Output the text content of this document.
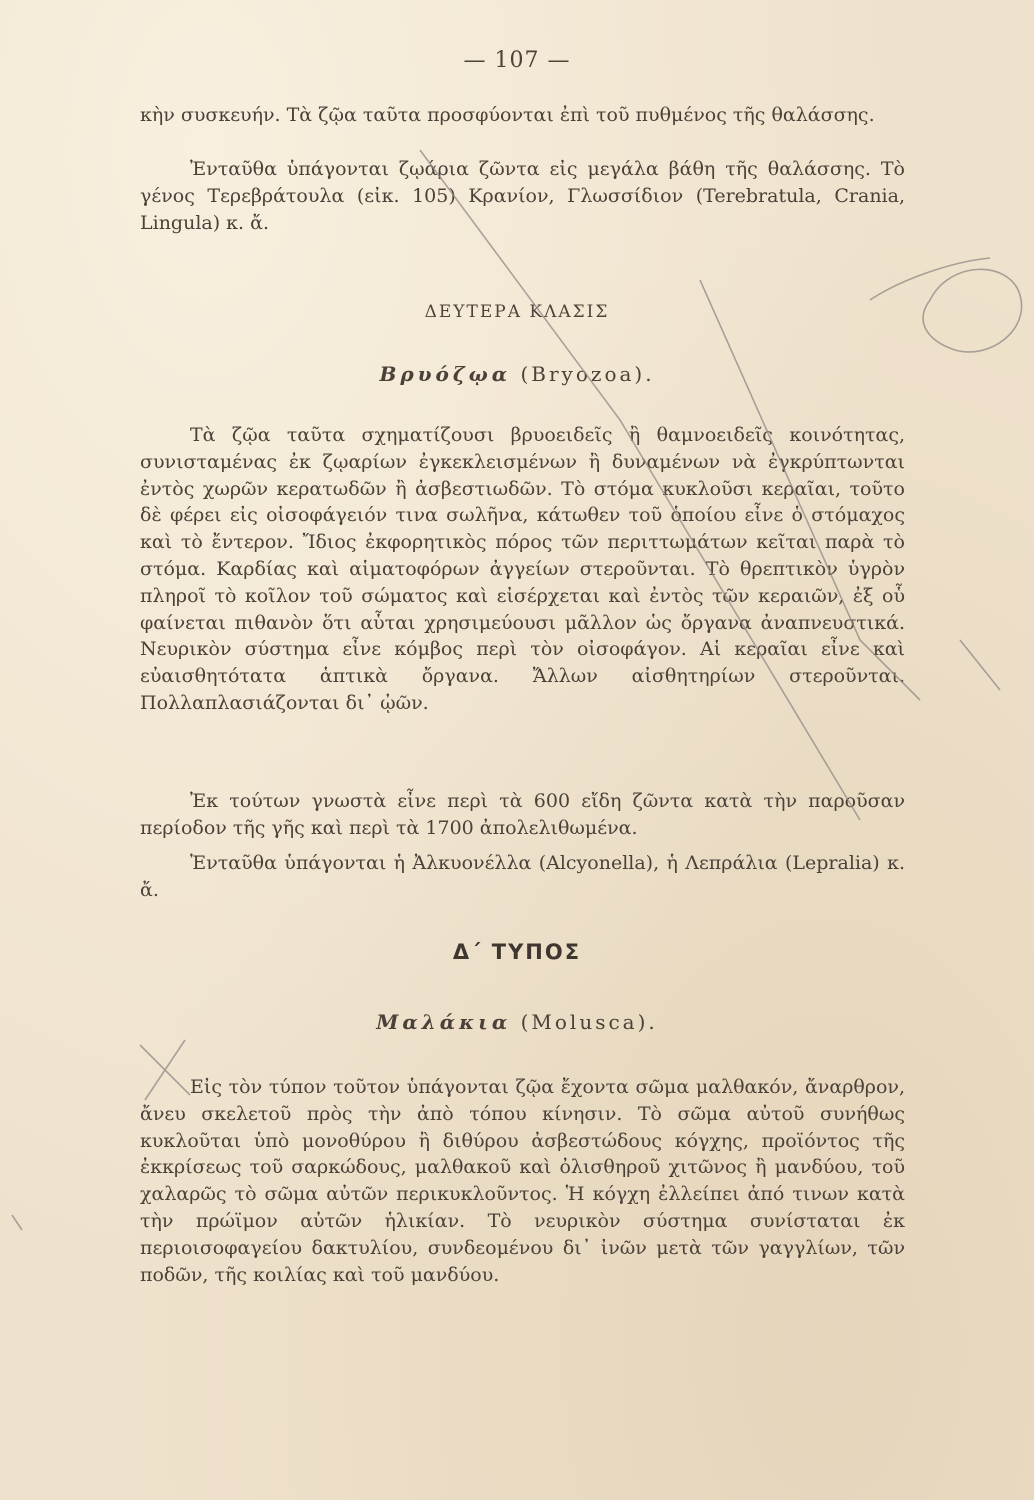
— 107 —

κὴν συσκευήν. Τὰ ζῷα ταῦτα προσφύονται ἐπὶ τοῦ πυθμένος τῆς θαλάσσης.

Ἐνταῦθα ὑπάγονται ζῳάρια ζῶντα εἰς μεγάλα βάθη τῆς θαλάσσης. Τὸ γένος Τερεβράτουλα (εἰκ. 105) Κρανίον, Γλωσσίδιον (Terebratula, Crania, Lingula) κ. ἄ.

ΔΕΥΤΕΡΑ ΚΛΑΣΙΣ
Βρυόζῳα (Bryozoa).

Τὰ ζῷα ταῦτα σχηματίζουσι βρυοειδεῖς ἢ θαμνοειδεῖς κοινότητας, συνισταμένας ἐκ ζῳαρίων ἐγκεκλεισμένων ἢ δυναμένων νὰ ἐγκρύπτωνται ἐντὸς χωρῶν κερατωδῶν ἢ ἀσβεστιωδῶν. Τὸ στόμα κυκλοῦσι κεραῖαι, τοῦτο δὲ φέρει εἰς οἰσοφάγειόν τινα σωλῆνα, κάτωθεν τοῦ ὁποίου εἶνε ὁ στόμαχος καὶ τὸ ἔντερον. Ἴδιος ἐκφορητικὸς πόρος τῶν περιττωμάτων κεῖται παρὰ τὸ στόμα. Καρδίας καὶ αἱματοφόρων ἀγγείων στεροῦνται. Τὸ θρεπτικὸν ὑγρὸν πληροῖ τὸ κοῖλον τοῦ σώματος καὶ εἰσέρχεται καὶ ἐντὸς τῶν κεραιῶν, ἐξ οὗ φαίνεται πιθανὸν ὅτι αὗται χρησιμεύουσι μᾶλλον ὡς ὄργανα ἀναπνευστικά. Νευρικὸν σύστημα εἶνε κόμβος περὶ τὸν οἰσοφάγον. Αἱ κεραῖαι εἶνε καὶ εὐαισθητότατα ἁπτικὰ ὄργανα. Ἄλλων αἰσθητηρίων στεροῦνται. Πολλαπλασιάζονται δι᾽ ᾠῶν.

Ἐκ τούτων γνωστὰ εἶνε περὶ τὰ 600 εἴδη ζῶντα κατὰ τὴν παροῦσαν περίοδον τῆς γῆς καὶ περὶ τὰ 1700 ἀπολελιθωμένα.

Ἐνταῦθα ὑπάγονται ἡ Ἀλκυονέλλα (Alcyonella), ἡ Λεπράλια (Lepralia) κ. ἄ.

Δ΄ ΤΥΠΟΣ
Μαλάκια (Molusca).

Εἰς τὸν τύπον τοῦτον ὑπάγονται ζῷα ἔχοντα σῶμα μαλθακόν, ἄναρθρον, ἄνευ σκελετοῦ πρὸς τὴν ἀπὸ τόπου κίνησιν. Τὸ σῶμα αὐτοῦ συνήθως κυκλοῦται ὑπὸ μονοθύρου ἢ διθύρου ἀσβεστώδους κόγχης, προϊόντος τῆς ἐκκρίσεως τοῦ σαρκώδους, μαλθακοῦ καὶ ὀλισθηροῦ χιτῶνος ἢ μανδύου, τοῦ χαλαρῶς τὸ σῶμα αὐτῶν περικυκλοῦντος. Ἡ κόγχη ἐλλείπει ἀπό τινων κατὰ τὴν πρώϊμον αὐτῶν ἡλικίαν. Τὸ νευρικὸν σύστημα συνίσταται ἐκ περιοισοφαγείου δακτυλίου, συνδεομένου δι᾽ ἰνῶν μετὰ τῶν γαγγλίων, τῶν ποδῶν, τῆς κοιλίας καὶ τοῦ μανδύου.
